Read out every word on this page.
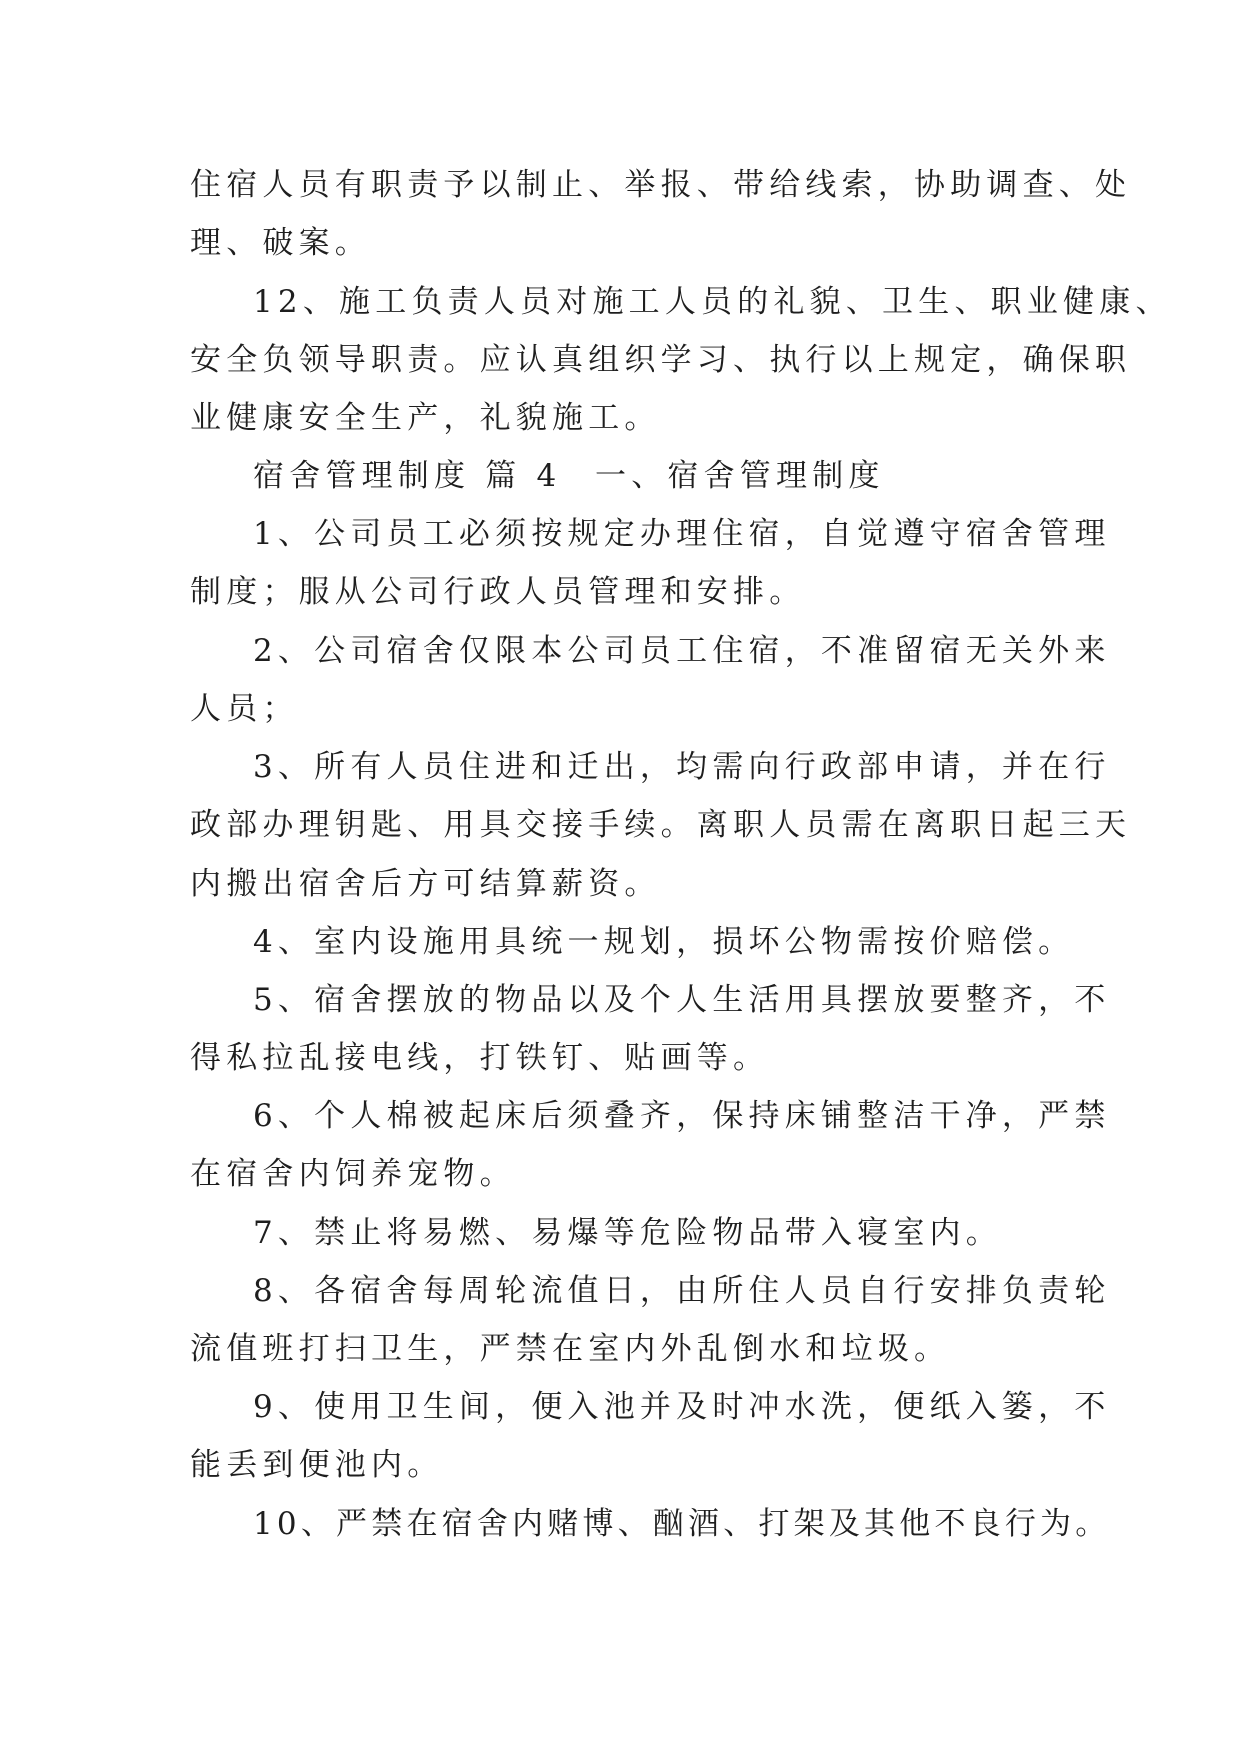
住宿人员有职责予以制止、举报、带给线索，协助调查、处
理、破案。
12、施工负责人员对施工人员的礼貌、卫生、职业健康、
安全负领导职责。应认真组织学习、执行以上规定，确保职
业健康安全生产，礼貌施工。
宿舍管理制度 篇 4 一、宿舍管理制度
1、公司员工必须按规定办理住宿，自觉遵守宿舍管理
制度；服从公司行政人员管理和安排。
2、公司宿舍仅限本公司员工住宿，不准留宿无关外来
人员；
3、所有人员住进和迁出，均需向行政部申请，并在行
政部办理钥匙、用具交接手续。离职人员需在离职日起三天
内搬出宿舍后方可结算薪资。
4、室内设施用具统一规划，损坏公物需按价赔偿。
5、宿舍摆放的物品以及个人生活用具摆放要整齐，不
得私拉乱接电线，打铁钉、贴画等。
6、个人棉被起床后须叠齐，保持床铺整洁干净，严禁
在宿舍内饲养宠物。
7、禁止将易燃、易爆等危险物品带入寝室内。
8、各宿舍每周轮流值日，由所住人员自行安排负责轮
流值班打扫卫生，严禁在室内外乱倒水和垃圾。
9、使用卫生间，便入池并及时冲水洗，便纸入篓，不
能丢到便池内。
10、严禁在宿舍内赌博、酗酒、打架及其他不良行为。
